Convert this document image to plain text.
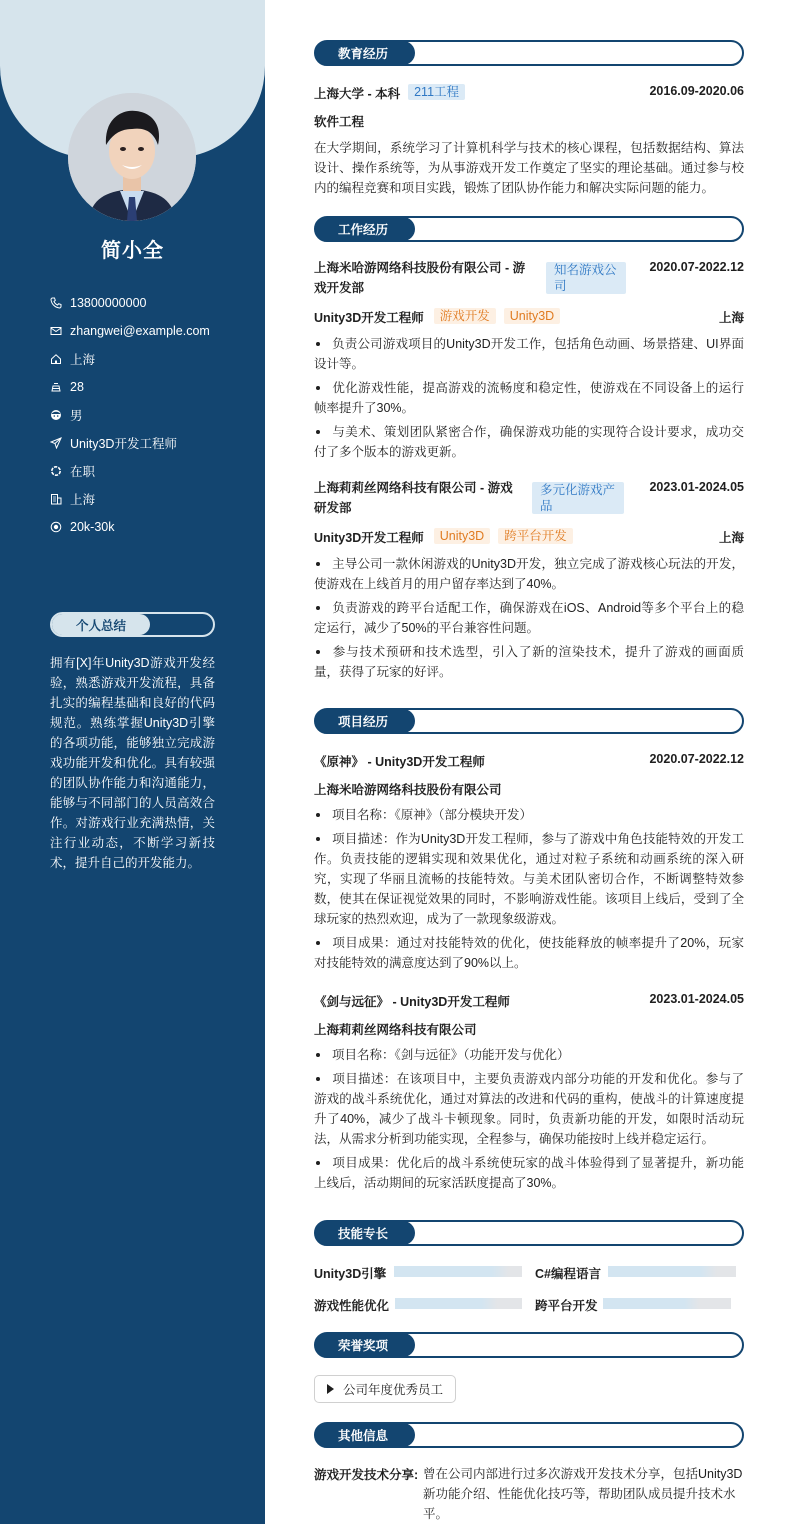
简小全
13800000000
zhangwei@example.com
上海
28
男
Unity3D开发工程师
在职
上海
20k-30k
个人总结
拥有[X]年Unity3D游戏开发经验，熟悉游戏开发流程，具备扎实的编程基础和良好的代码规范。熟练掌握Unity3D引擎的各项功能，能够独立完成游戏功能开发和优化。具有较强的团队协作能力和沟通能力，能够与不同部门的人员高效合作。对游戏行业充满热情，关注行业动态，不断学习新技术，提升自己的开发能力。
教育经历
上海大学 - 本科	211工程	2016.09-2020.06
软件工程
在大学期间，系统学习了计算机科学与技术的核心课程，包括数据结构、算法设计、操作系统等，为从事游戏开发工作奠定了坚实的理论基础。通过参与校内的编程竞赛和项目实践，锻炼了团队协作能力和解决实际问题的能力。
工作经历
上海米哈游网络科技股份有限公司 - 游戏开发部
知名游戏公司
2020.07-2022.12
Unity3D开发工程师	游戏开发	Unity3D	上海
负责公司游戏项目的Unity3D开发工作，包括角色动画、场景搭建、UI界面设计等。
优化游戏性能，提高游戏的流畅度和稳定性，使游戏在不同设备上的运行帧率提升了30%。
与美术、策划团队紧密合作，确保游戏功能的实现符合设计要求，成功交付了多个版本的游戏更新。
上海莉莉丝网络科技有限公司 - 游戏研发部
多元化游戏产品
2023.01-2024.05
Unity3D开发工程师	Unity3D	跨平台开发	上海
主导公司一款休闲游戏的Unity3D开发，独立完成了游戏核心玩法的开发，使游戏在上线首月的用户留存率达到了40%。
负责游戏的跨平台适配工作，确保游戏在iOS、Android等多个平台上的稳定运行，减少了50%的平台兼容性问题。
参与技术预研和技术选型，引入了新的渲染技术，提升了游戏的画面质量，获得了玩家的好评。
项目经历
《原神》 - Unity3D开发工程师	2020.07-2022.12
上海米哈游网络科技股份有限公司
项目名称：《原神》（部分模块开发）
项目描述：作为Unity3D开发工程师，参与了游戏中角色技能特效的开发工作。负责技能的逻辑实现和效果优化，通过对粒子系统和动画系统的深入研究，实现了华丽且流畅的技能特效。与美术团队密切合作，不断调整特效参数，使其在保证视觉效果的同时，不影响游戏性能。该项目上线后，受到了全球玩家的热烈欢迎，成为了一款现象级游戏。
项目成果：通过对技能特效的优化，使技能释放的帧率提升了20%，玩家对技能特效的满意度达到了90%以上。
《剑与远征》 - Unity3D开发工程师	2023.01-2024.05
上海莉莉丝网络科技有限公司
项目名称：《剑与远征》（功能开发与优化）
项目描述：在该项目中，主要负责游戏内部分功能的开发和优化。参与了游戏的战斗系统优化，通过对算法的改进和代码的重构，使战斗的计算速度提升了40%，减少了战斗卡顿现象。同时，负责新功能的开发，如限时活动玩法，从需求分析到功能实现，全程参与，确保功能按时上线并稳定运行。
项目成果：优化后的战斗系统使玩家的战斗体验得到了显著提升，新功能上线后，活动期间的玩家活跃度提高了30%。
技能专长
Unity3D引擎	C#编程语言
游戏性能优化	跨平台开发
荣誉奖项
公司年度优秀员工
其他信息
游戏开发技术分享: 曾在公司内部进行过多次游戏开发技术分享，包括Unity3D新功能介绍、性能优化技巧等，帮助团队成员提升技术水平。
